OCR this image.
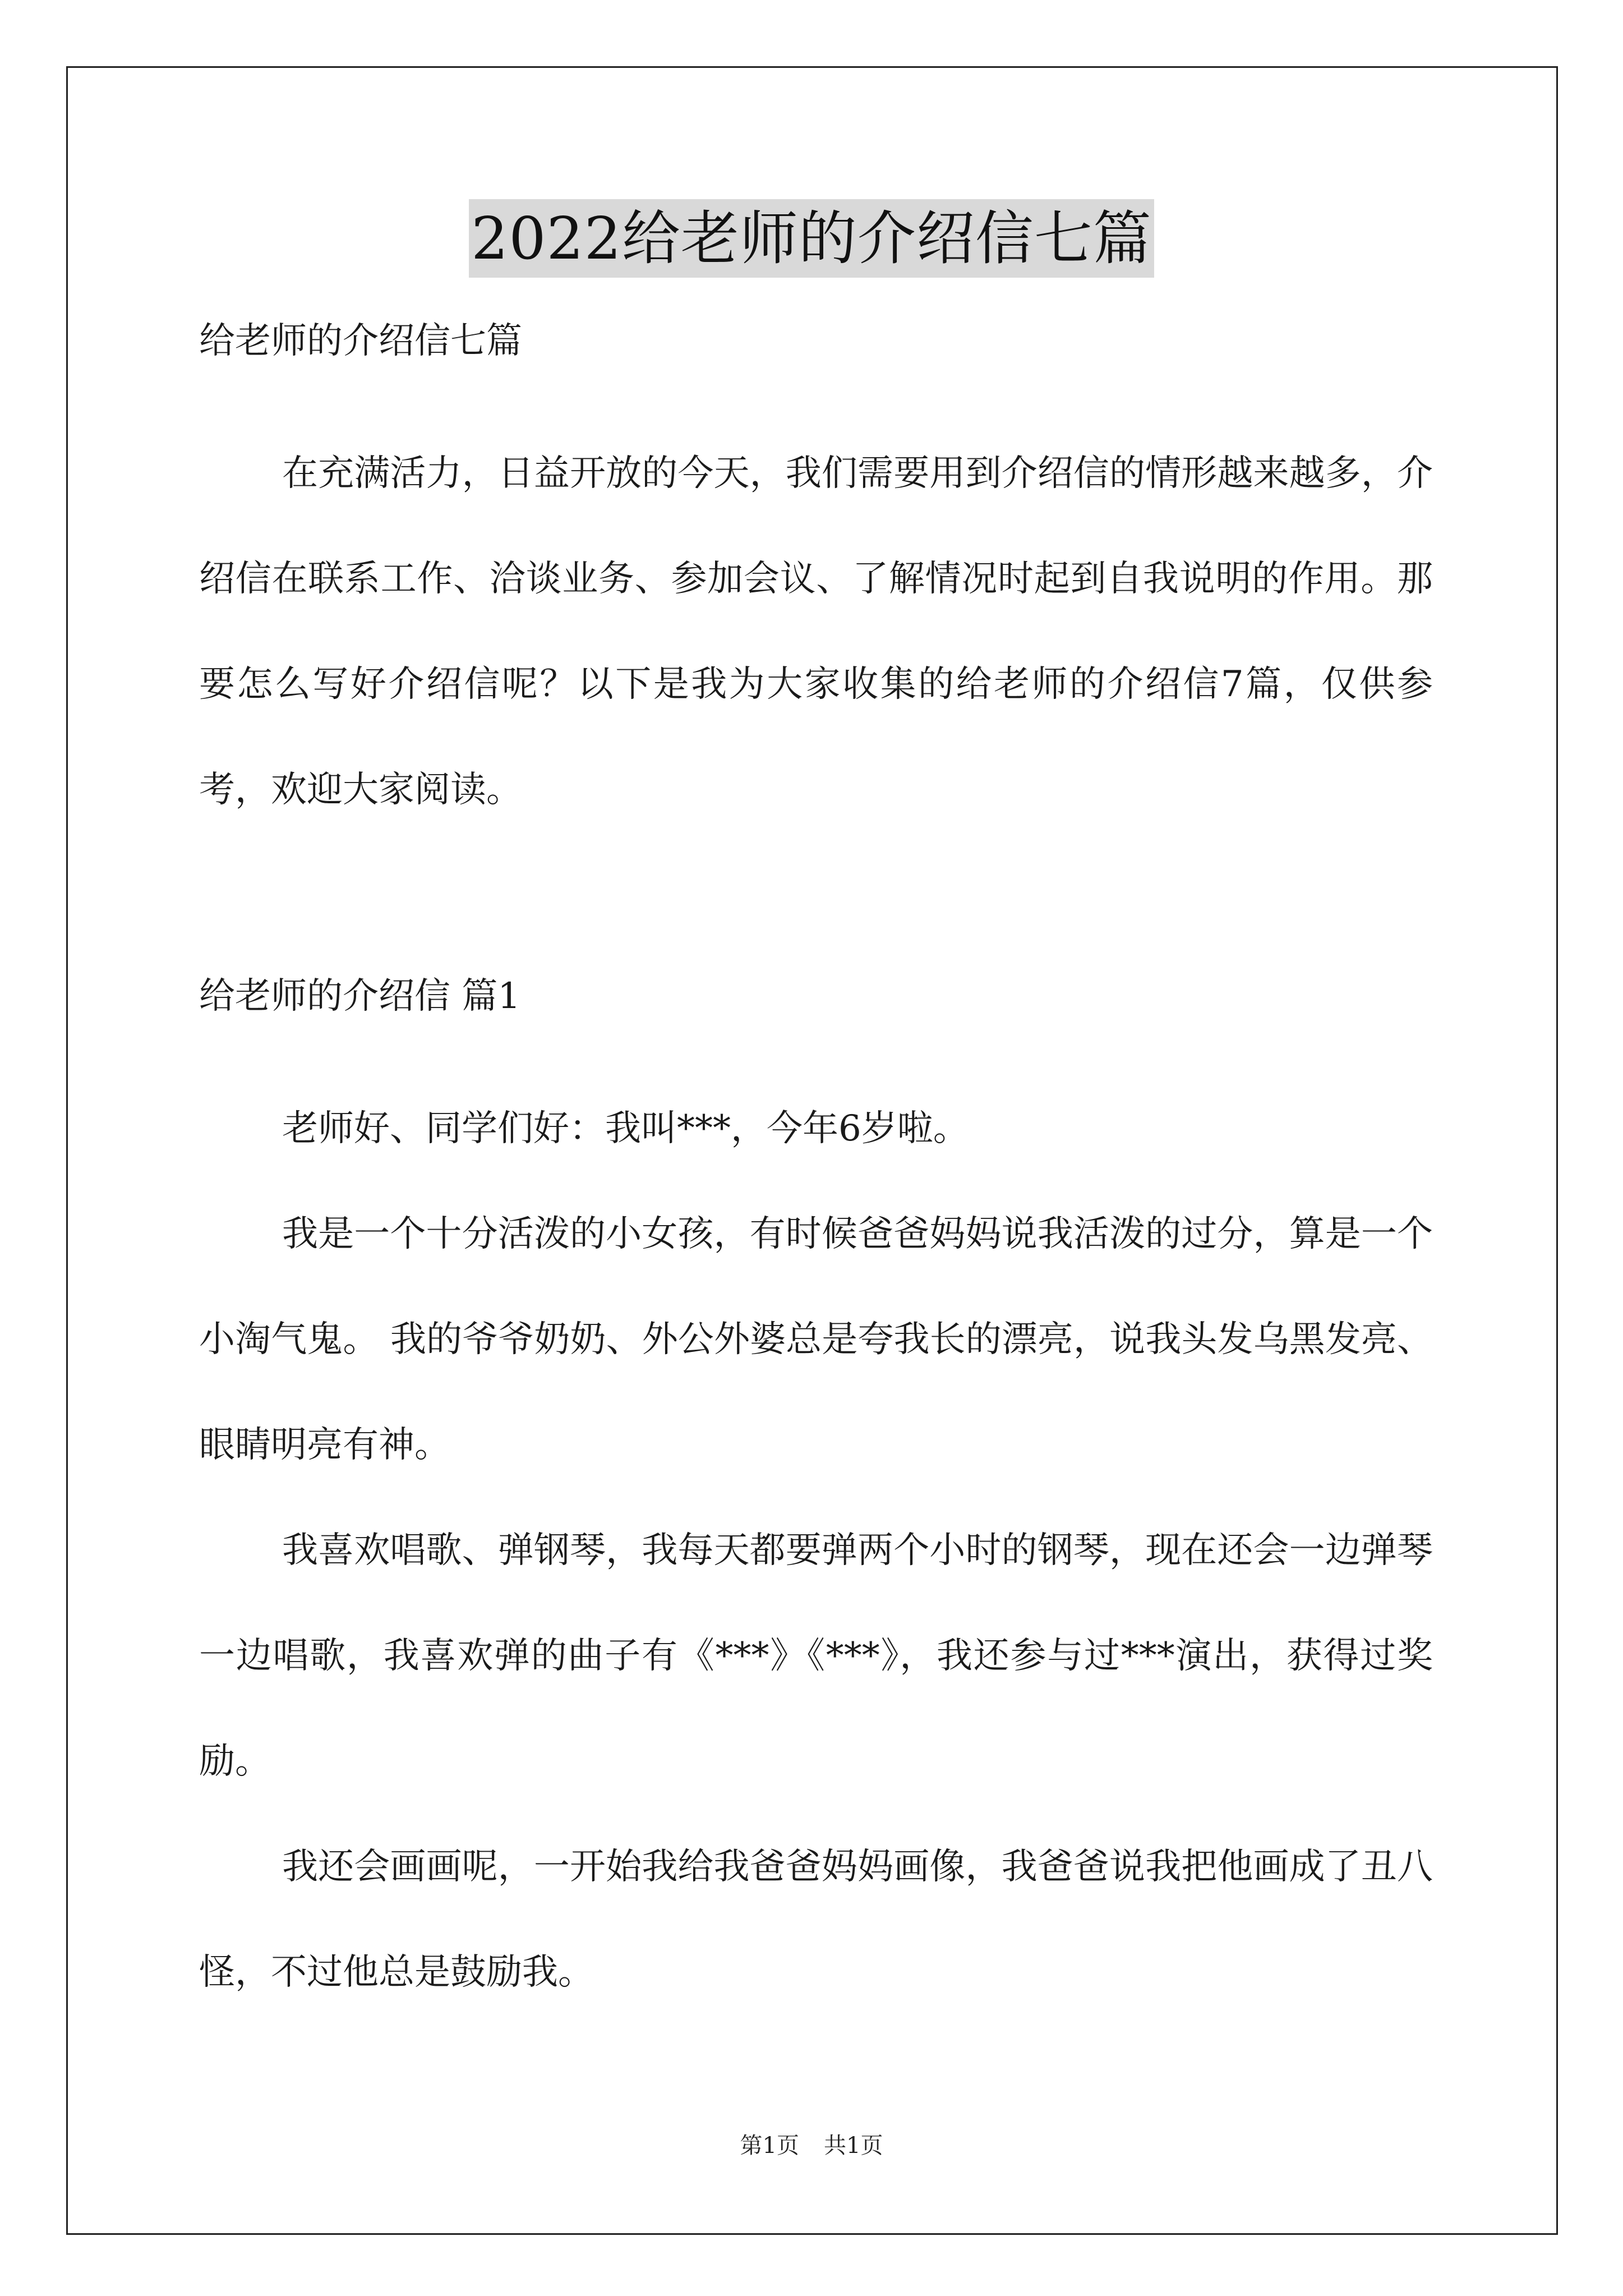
2022给老师的介绍信七篇

给老师的介绍信七篇

在充满活力，日益开放的今天，我们需要用到介绍信的情形越来越多，介绍信在联系工作、洽谈业务、参加会议、了解情况时起到自我说明的作用。那要怎么写好介绍信呢？以下是我为大家收集的给老师的介绍信7篇，仅供参考，欢迎大家阅读。

给老师的介绍信 篇1

老师好、同学们好：我叫***，今年6岁啦。

我是一个十分活泼的小女孩，有时候爸爸妈妈说我活泼的过分，算是一个小淘气鬼。 我的爷爷奶奶、外公外婆总是夸我长的漂亮，说我头发乌黑发亮、眼睛明亮有神。

我喜欢唱歌、弹钢琴，我每天都要弹两个小时的钢琴，现在还会一边弹琴一边唱歌，我喜欢弹的曲子有《***》《***》，我还参与过***演出，获得过奖励。

我还会画画呢，一开始我给我爸爸妈妈画像，我爸爸说我把他画成了丑八怪，不过他总是鼓励我。

第1页 共1页
